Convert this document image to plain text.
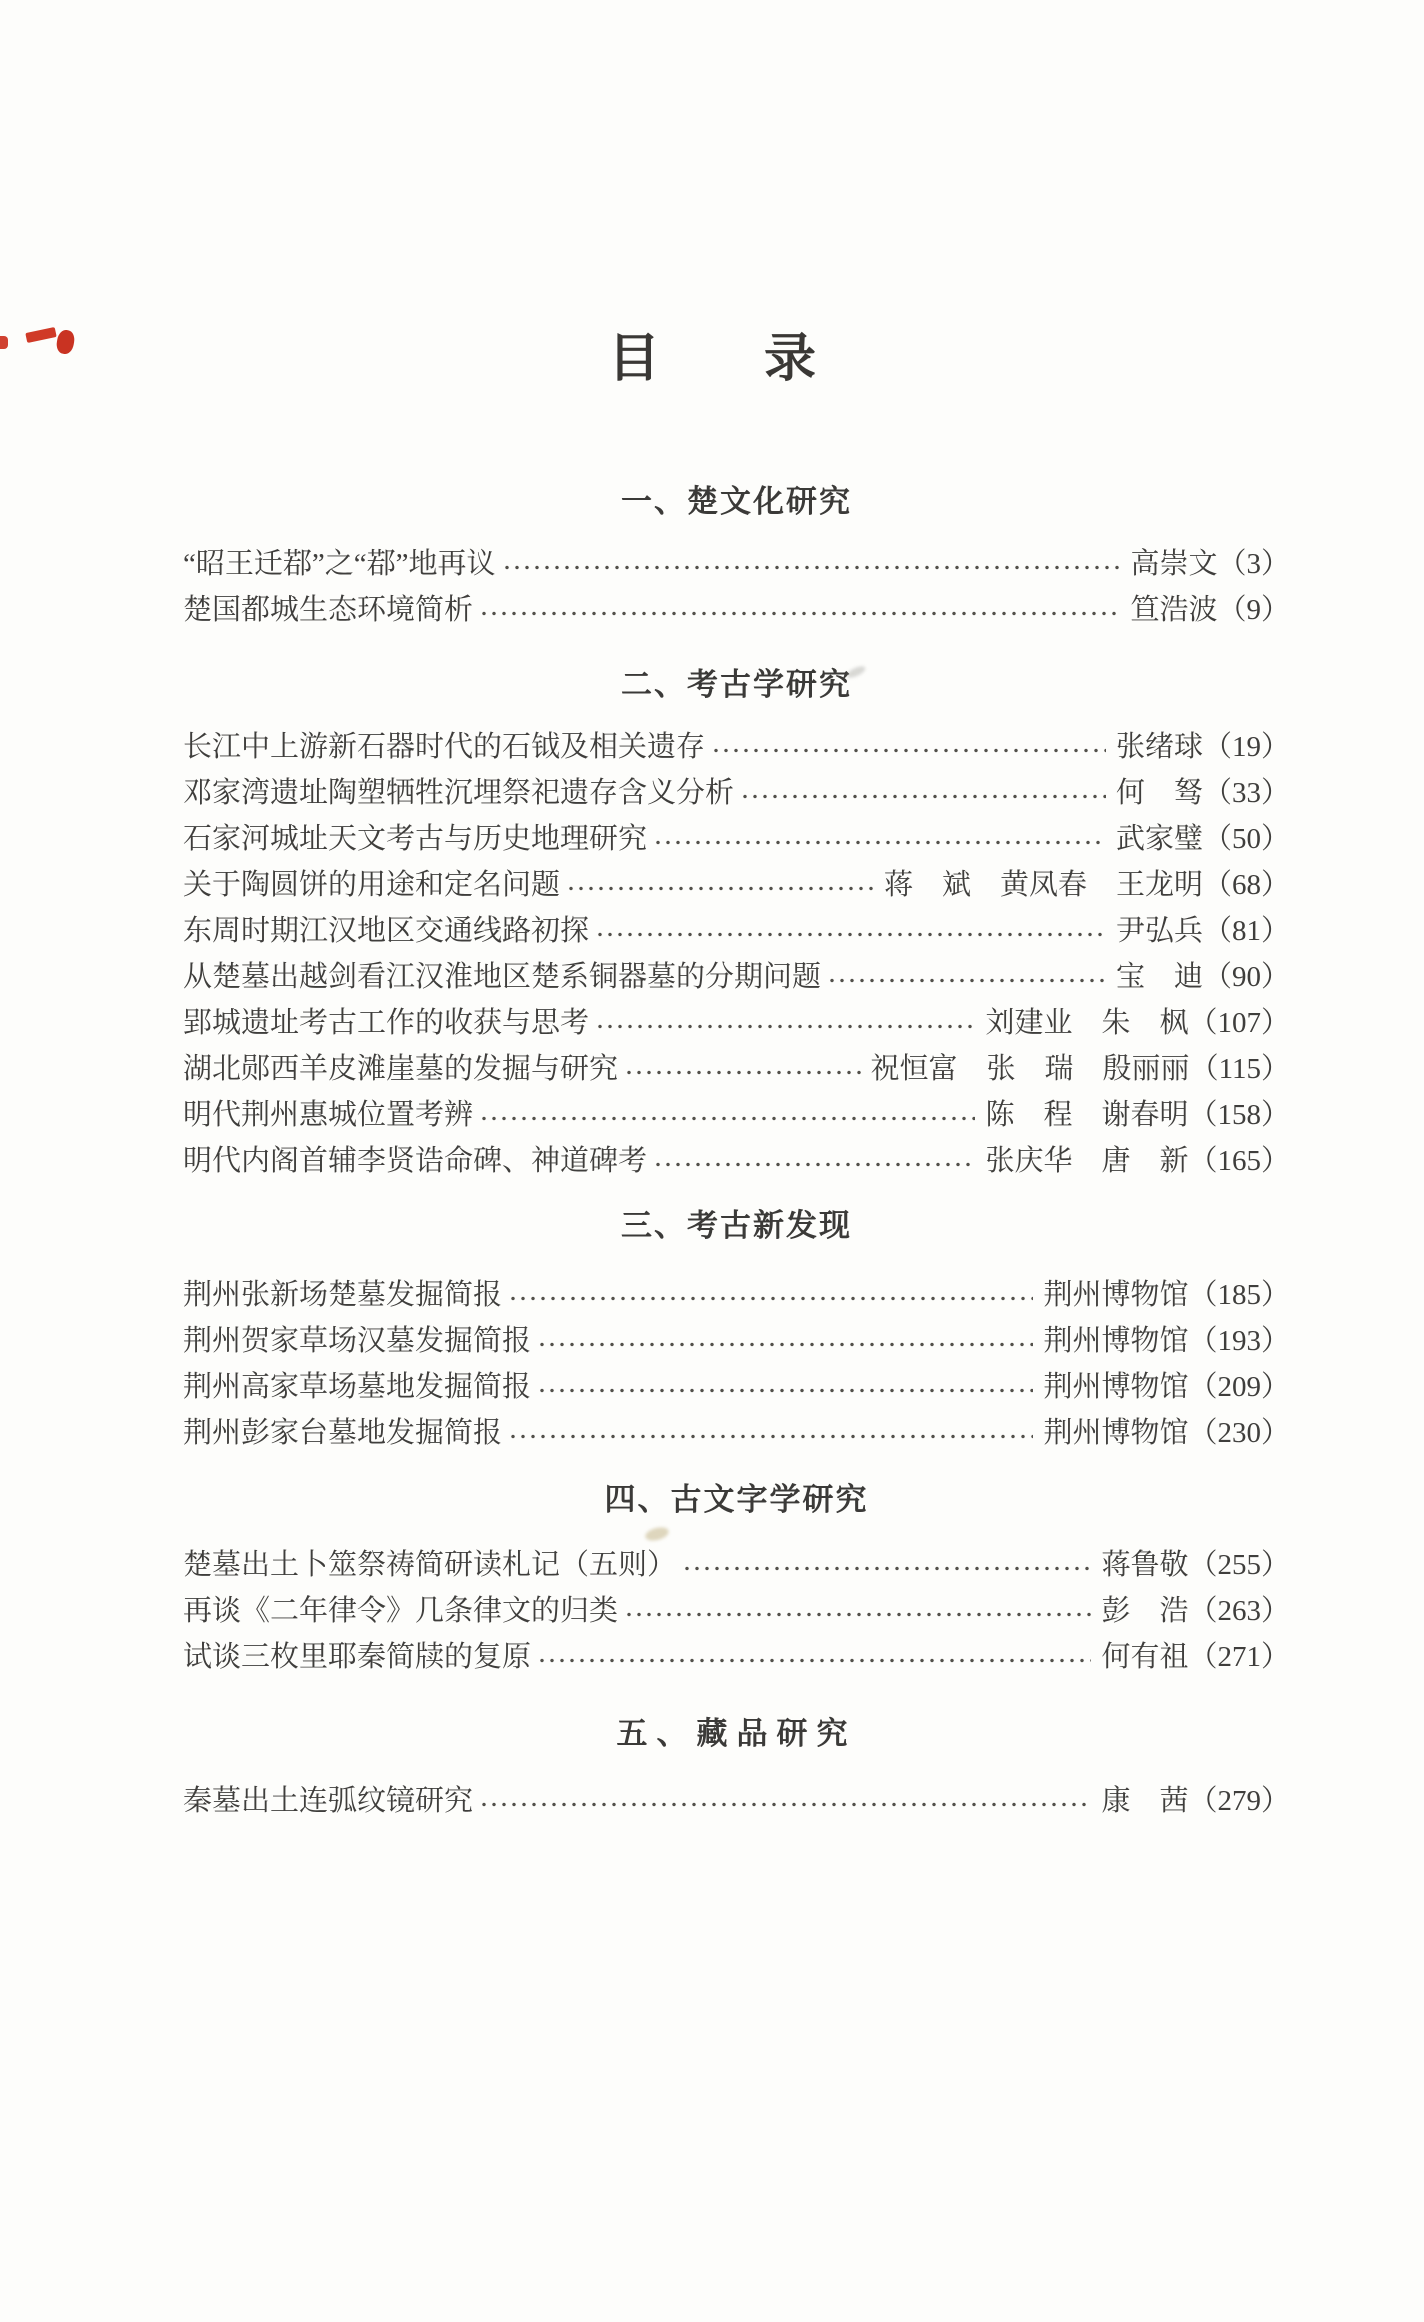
目　　录
一、楚文化研究
“昭王迁鄀”之“鄀”地再议	高崇文 （3）
楚国都城生态环境简析	笪浩波 （9）
二、考古学研究
长江中上游新石器时代的石钺及相关遗存	张绪球 （19）
邓家湾遗址陶塑牺牲沉埋祭祀遗存含义分析	何　驽 （33）
石家河城址天文考古与历史地理研究	武家璧 （50）
关于陶圆饼的用途和定名问题	蒋　斌　黄凤春　王龙明 （68）
东周时期江汉地区交通线路初探	尹弘兵 （81）
从楚墓出越剑看江汉淮地区楚系铜器墓的分期问题	宝　迪 （90）
郢城遗址考古工作的收获与思考	刘建业　朱　枫 （107）
湖北郧西羊皮滩崖墓的发掘与研究	祝恒富　张　瑞　殷丽丽 （115）
明代荆州惠城位置考辨	陈　程　谢春明 （158）
明代内阁首辅李贤诰命碑、神道碑考	张庆华　唐　新 （165）
三、考古新发现
荆州张新场楚墓发掘简报	荆州博物馆 （185）
荆州贺家草场汉墓发掘简报	荆州博物馆 （193）
荆州高家草场墓地发掘简报	荆州博物馆 （209）
荆州彭家台墓地发掘简报	荆州博物馆 （230）
四、古文字学研究
楚墓出土卜筮祭祷简研读札记（五则）	蒋鲁敬 （255）
再谈《二年律令》几条律文的归类	彭　浩 （263）
试谈三枚里耶秦简牍的复原	何有祖 （271）
五、藏品研究
秦墓出土连弧纹镜研究	康　茜 （279）
